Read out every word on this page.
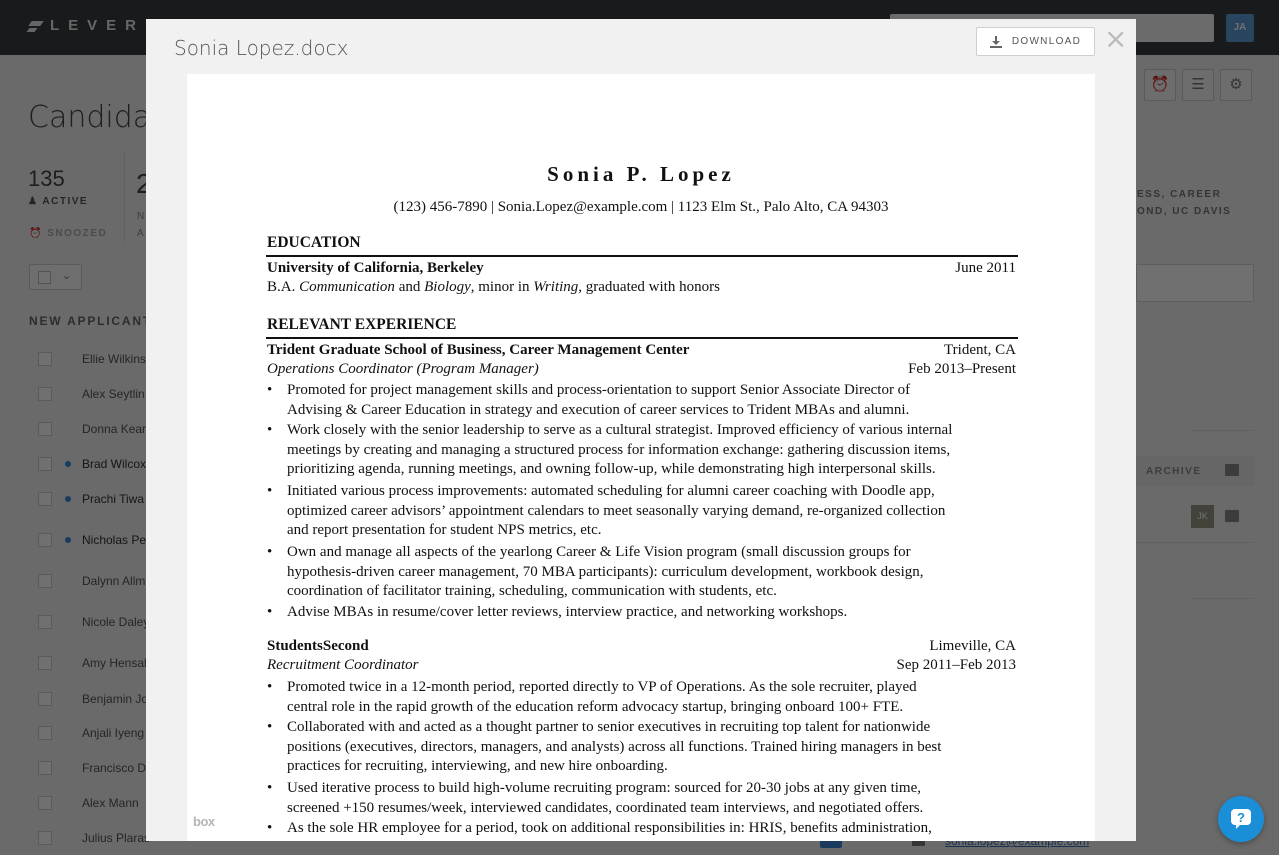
Sonia Lopez.docx	DOWNLOAD ×
Sonia P. Lopez
(123) 456-7890 | Sonia.Lopez@example.com | 1123 Elm St., Palo Alto, CA 94303
EDUCATION
University of California, Berkeley	June 2011
B.A. Communication and Biology, minor in Writing, graduated with honors
RELEVANT EXPERIENCE
Trident Graduate School of Business, Career Management Center	Trident, CA
Operations Coordinator (Program Manager)	Feb 2013–Present
• Promoted for project management skills and process-orientation to support Senior Associate Director of
Advising & Career Education in strategy and execution of career services to Trident MBAs and alumni.
• Work closely with the senior leadership to serve as a cultural strategist. Improved efficiency of various internal
meetings by creating and managing a structured process for information exchange: gathering discussion items,
prioritizing agenda, running meetings, and owning follow-up, while demonstrating high interpersonal skills.
• Initiated various process improvements: automated scheduling for alumni career coaching with Doodle app,
optimized career advisors’ appointment calendars to meet seasonally varying demand, re-organized collection
and report presentation for student NPS metrics, etc.
• Own and manage all aspects of the yearlong Career & Life Vision program (small discussion groups for
hypothesis-driven career management, 70 MBA participants): curriculum development, workbook design,
coordination of facilitator training, scheduling, communication with students, etc.
• Advise MBAs in resume/cover letter reviews, interview practice, and networking workshops.
StudentsSecond	Limeville, CA
Recruitment Coordinator	Sep 2011–Feb 2013
• Promoted twice in a 12-month period, reported directly to VP of Operations. As the sole recruiter, played
central role in the rapid growth of the education reform advocacy startup, bringing onboard 100+ FTE.
• Collaborated with and acted as a thought partner to senior executives in recruiting top talent for nationwide
positions (executives, directors, managers, and analysts) across all functions. Trained hiring managers in best
practices for recruiting, interviewing, and new hire onboarding.
• Used iterative process to build high-volume recruiting program: sourced for 20-30 jobs at any given time,
screened +150 resumes/week, interviewed candidates, coordinated team interviews, and negotiated offers.
• As the sole HR employee for a period, took on additional responsibilities in: HRIS, benefits administration,
box	?
